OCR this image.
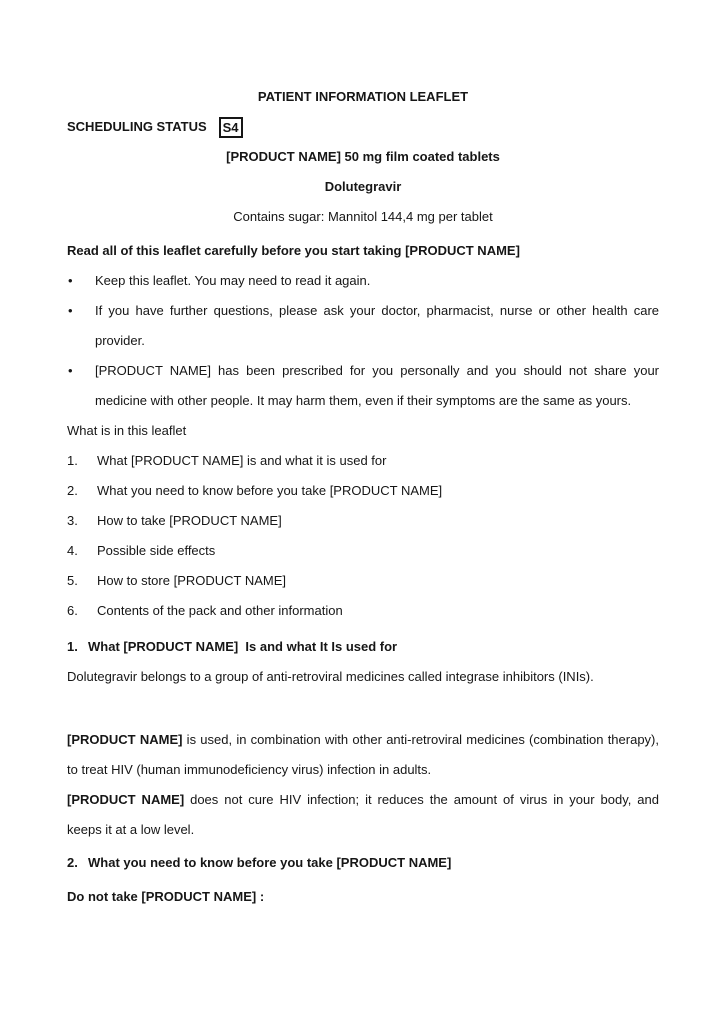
PATIENT INFORMATION LEAFLET
SCHEDULING STATUS	S4
[PRODUCT NAME] 50 mg film coated tablets
Dolutegravir
Contains sugar: Mannitol 144,4 mg per tablet
Read all of this leaflet carefully before you start taking [PRODUCT NAME]
• Keep this leaflet. You may need to read it again.
• If you have further questions, please ask your doctor, pharmacist, nurse or other health care provider.
• [PRODUCT NAME] has been prescribed for you personally and you should not share your medicine with other people. It may harm them, even if their symptoms are the same as yours.
What is in this leaflet
1.	What [PRODUCT NAME] is and what it is used for
2.	What you need to know before you take [PRODUCT NAME]
3.	How to take [PRODUCT NAME]
4.	Possible side effects
5.	How to store [PRODUCT NAME]
6.	Contents of the pack and other information
1. What [PRODUCT NAME]  Is and what It Is used for

Dolutegravir belongs to a group of anti-retroviral medicines called integrase inhibitors (INIs).

[PRODUCT NAME] is used, in combination with other anti-retroviral medicines (combination therapy), to treat HIV (human immunodeficiency virus) infection in adults.

[PRODUCT NAME] does not cure HIV infection; it reduces the amount of virus in your body, and keeps it at a low level.

2. What you need to know before you take [PRODUCT NAME]
Do not take [PRODUCT NAME] :
